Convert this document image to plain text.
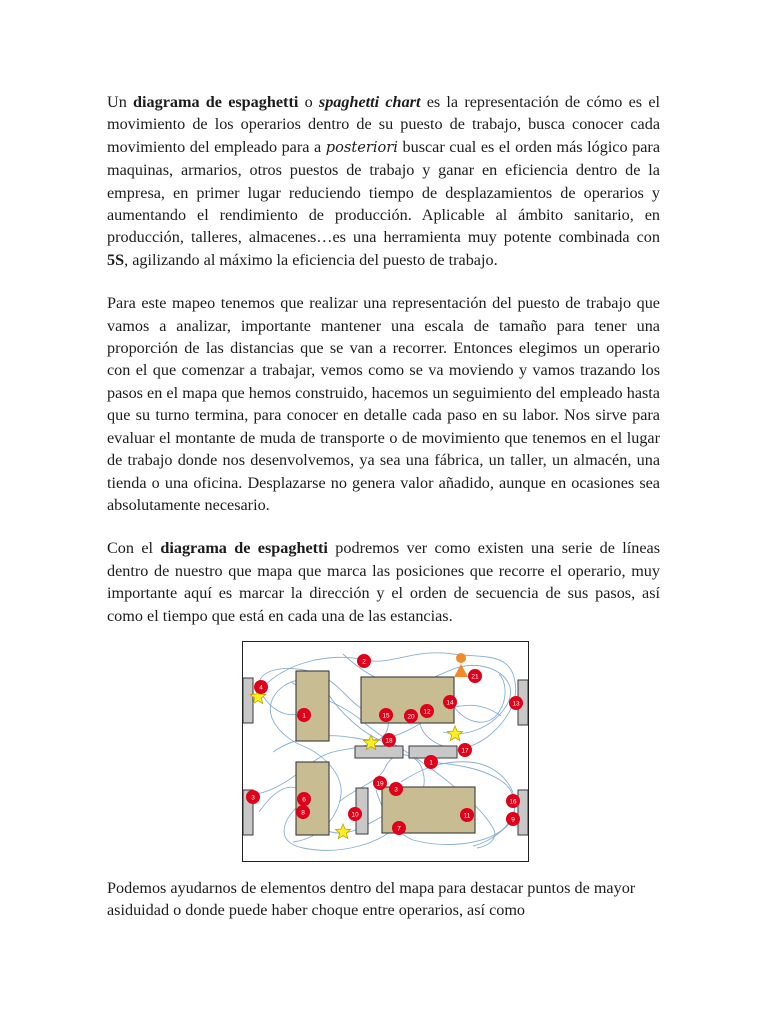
Un diagrama de espaghetti o spaghetti chart es la representación de cómo es el movimiento de los operarios dentro de su puesto de trabajo, busca conocer cada movimiento del empleado para a posteriori buscar cual es el orden más lógico para maquinas, armarios, otros puestos de trabajo y ganar en eficiencia dentro de la empresa, en primer lugar reduciendo tiempo de desplazamientos de operarios y aumentando el rendimiento de producción. Aplicable al ámbito sanitario, en producción, talleres, almacenes…es una herramienta muy potente combinada con 5S, agilizando al máximo la eficiencia del puesto de trabajo.

Para este mapeo tenemos que realizar una representación del puesto de trabajo que vamos a analizar, importante mantener una escala de tamaño para tener una proporción de las distancias que se van a recorrer. Entonces elegimos un operario con el que comenzar a trabajar, vemos como se va moviendo y vamos trazando los pasos en el mapa que hemos construido, hacemos un seguimiento del empleado hasta que su turno termina, para conocer en detalle cada paso en su labor. Nos sirve para evaluar el montante de muda de transporte o de movimiento que tenemos en el lugar de trabajo donde nos desenvolvemos, ya sea una fábrica, un taller, un almacén, una tienda o una oficina. Desplazarse no genera valor añadido, aunque en ocasiones sea absolutamente necesario.

Con el diagrama de espaghetti podremos ver como existen una serie de líneas dentro de nuestro que mapa que marca las posiciones que recorre el operario, muy importante aquí es marcar la dirección y el orden de secuencia de sus pasos, así como el tiempo que está en cada una de las estancias.

Podemos ayudarnos de elementos dentro del mapa para destacar puntos de mayor asiduidad o donde puede haber choque entre operarios, así como

1
2
3
4
6
7
8
9
10	11
12
13
14
15
16
17
18
19
20
21
1
3
